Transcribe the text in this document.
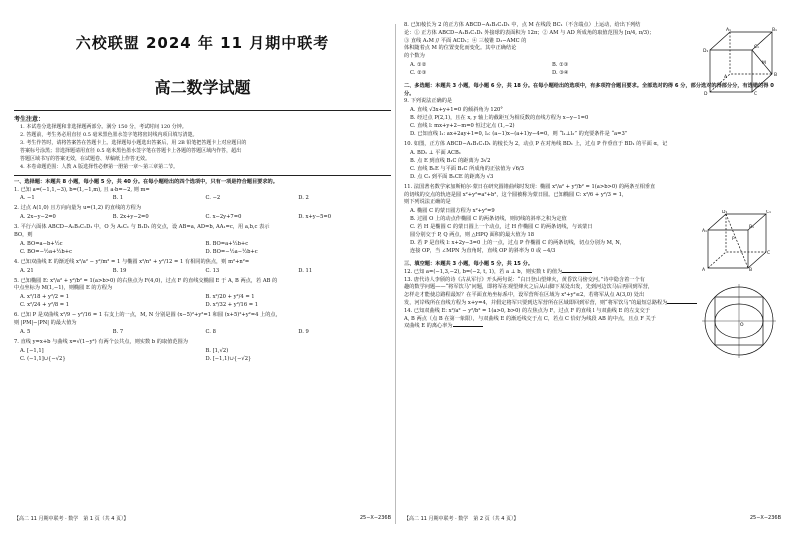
六校联盟 2024 年 11 月期中联考
高二数学试题
考生注意：

1. 本试卷分选择题和非选择题两部分。满分 150 分，考试时间 120 分钟。

2. 答题前，考生务必用直径 0.5 毫米黑色墨水签字笔将密封线内项目填写清楚。

3. 考生作答时，请将答案答在答题卡上。选择题每小题选出答案后，用 2B 铅笔把答题卡上对应题目的

答案标号涂黑；非选择题请用直径 0.5 毫米黑色墨水签字笔在答题卡上各题的答题区域内作答，超出

答题区域书写的答案无效，在试题卷、草稿纸上作答无效。

4. 本卷命题范围：人教 A 版选择性必修第一册第一章～第三章第二节。

一、选择题：本题共 8 小题，每小题 5 分，共 40 分。在每小题给出的四个选项中，只有一项是符合题目要求的。

1. 已知 a=(−1,1,−3), b=(1,−1,m), 且 a·b=−2, 则 m=

A. −1	B. 1	C. −2	D. 2

2. 过点 A(1,0) 且方向向量为 u=(1,2) 的直线的方程为

A. 2x−y−2=0	B. 2x+y−2=0	C. x−2y+7=0	D. x+y−5=0

3. 平行六面体 ABCD−A₁B₁C₁D₁ 中，O 为 A₁C₁ 与 B₁D₁ 的交点，设 AB=a, AD=b, AA₁=c，用 a,b,c 表示

BO，则

A. BO=a−b+½c	B. BO=a+½b+c
C. BO=−½a+½b+c	D. BO=−½a−½b+c

4. 已知双曲线 E 的渐近线 x²/a² − y²/m² = 1 与椭圆 x²/n² + y²/12 = 1 有相同的焦点，则 m²+n²=

A. 21	B. 19	C. 13	D. 11

5. 已知椭圆 E: x²/a² + y²/b² = 1(a>b>0) 的右焦点为 F(4,0)，过点 F 的直线交椭圆 E 于 A, B 两点，若 AB 的

中点坐标为 M(1,−1)，则椭圆 E 的方程为

A. x²/18 + y²/2 = 1	B. x²/20 + y²/4 = 1
C. x²/24 + y²/8 = 1	D. x²/32 + y²/16 = 1

6. 已知 P 是双曲线 x²/9 − y²/16 = 1 右支上的一点，M, N 分别是圆 (x−5)²+y²=1 和圆 (x+5)²+y²=4 上的点，

则 |PM|−|PN| 的最大值为

A. 5	B. 7	C. 8	D. 9

7. 直线 y=x+b 与曲线 x=√(1−y²) 有两个公共点，则实数 b 的取值范围为

A. [−1,1]	B. [1,√2)
C. (−1,1]∪{−√2}	D. [−1,1)∪{−√2}
【高二 11 月期中联考 · 数学　第 1 页（共 4 页）】	25−X−236B

8. 已知棱长为 2 的正方体 ABCD−A₁B₁C₁D₁ 中，点 M 在线段 BC₁（不含端点）上运动，给出下列结

论：① 正方体 ABCD−A₁B₁C₁D₁ 外接球的表面积为 12π；② AM 与 AD 所成角的取值范围为 [π/4, π/3)；

③ 直线 A₁M // 平面 ACD₁；④ 三棱锥 D₁−AMC 的

体积随着点 M 的位置变化而变化。其中正确结论

的个数为

A. ①②	B. ①③
C. ②③	D. ③④
D₁
A₁	B₁
C₁
D
A	B
C
M
二、多选题：本题共 3 小题，每小题 6 分，共 18 分。在每小题给出的选项中，有多项符合题目要求。全部选对的得 6 分，部分选对的得部分分，有选错的得 0 分。

9. 下列说法正确的是

A. 直线 √3x+y+1=0 的倾斜角为 120°
B. 经过点 P(2,1)，且在 x, y 轴上的截距互为相反数的直线方程为 x−y−1=0
C. 直线 l: mx+y+2−m=0 恒过定点 (1,−2)
D. 已知直线 l₁: ax+2ay+1=0, l₂: (a−1)x−(a+1)y−4=0，则 “l₁⊥l₂” 的充要条件是 “a=3”

10. 如图，正方体 ABCD−A₁B₁C₁D₁ 的棱长为 2，动点 P 在对角线 BD₁ 上，过点 P 作垂直于 BD₁ 的平面 α，记

A. BD₁ ⊥ 平面 ACB₁
B. 点 E 到直线 B₁C 的距离为 3√2
C. 直线 B₁E 与平面 B₁C 所成角的正弦值为 √6/3
D. 点 C₁ 到平面 B₁CE 的距离为 √3
A₁
D₁	C₁
B₁
A	B
C
P

11. 法国著名数学家加斯帕尔·蒙日在研究圆锥曲线时发现：椭圆 x²/a² + y²/b² = 1(a>b>0) 的两条互相垂直

的切线的交点的轨迹是圆 x²+y²=a²+b²，这个圆被称为蒙日圆。已知椭圆 C: x²/6 + y²/3 = 1，

则下列说法正确的是

A. 椭圆 C 的蒙日圆方程为 x²+y²=9
B. 过圆 O 上的动点作椭圆 C 的两条切线，则切线的斜率之积为定值
C. 若 H 是椭圆 C 的蒙日圆上一个动点，过 H 作椭圆 C 的两条切线，与该蒙日
圆分别交于 P, Q 两点，则 △HPQ 面积的最大值为 18
D. 若 P 是直线 l: x+2y−3=0 上的一点，过点 P 作椭圆 C 的两条切线，切点分别为 M, N，
连接 OP，当 ∠MPN 为直角时，直线 OP 的斜率为 0 或 −4/3
O
三、填空题：本题共 3 小题，每小题 5 分，共 15 分。

12. 已知 a=(−1,3,−2), b=(−2, t, 1)，若 a ⊥ b，则实数 t 的值为

13. 唐代诗人李颀的诗《古从军行》开头两句说：“白日登山望烽火，黄昏饮马傍交河。”诗中隐含着一个有

趣的数学问题——“将军饮马”问题，即将军在观望烽火之后从山脚下某处出发，先到河边饮马后再回到军营，

怎样走才能使总路程最短？在平面直角坐标系中，设军营所在区域为 x²+y²≤2，若将军从点 A(3,0) 处出

发，河岸线所在直线方程为 x+y=4，并假定将军只要到达军营所在区域即回到军营，则“将军饮马”的最短总路程为

14. 已知双曲线 E: x²/a² − y²/b² = 1(a>0, b>0) 的左焦点为 F，过点 F 的直线 l 与双曲线 E 的左支交于

A, B 两点（点 B 在第一象限），与双曲线 E 的渐近线交于点 C，若点 C 恰好为线段 AB 的中点，且点 F 关于

双曲线 E 的离心率为

【高二 11 月期中联考 · 数学　第 2 页（共 4 页）】	25−X−236B
